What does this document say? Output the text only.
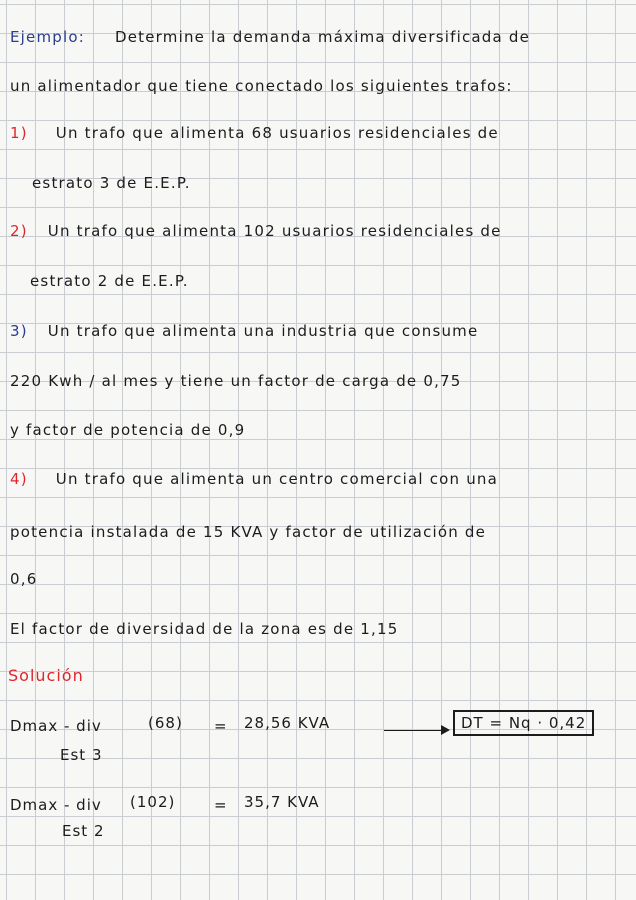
Ejemplo: Determine la demanda máxima diversificada de
un alimentador que tiene conectado los siguientes trafos:
1) Un trafo que alimenta 68 usuarios residenciales de
estrato 3 de E.E.P.
2) Un trafo que alimenta 102 usuarios residenciales de
estrato 2 de E.E.P.
3) Un trafo que alimenta una industria que consume
220 Kwh / al mes y tiene un factor de carga de 0,75
y factor de potencia de 0,9
4) Un trafo que alimenta un centro comercial con una
potencia instalada de 15 KVA y factor de utilización de
0,6
El factor de diversidad de la zona es de 1,15
Solución
Dmax - div
Est 3
(68) = 28,56 KVA	DT = Nq · 0,42
Dmax - div
Est 2
(102)	= 35,7 KVA
